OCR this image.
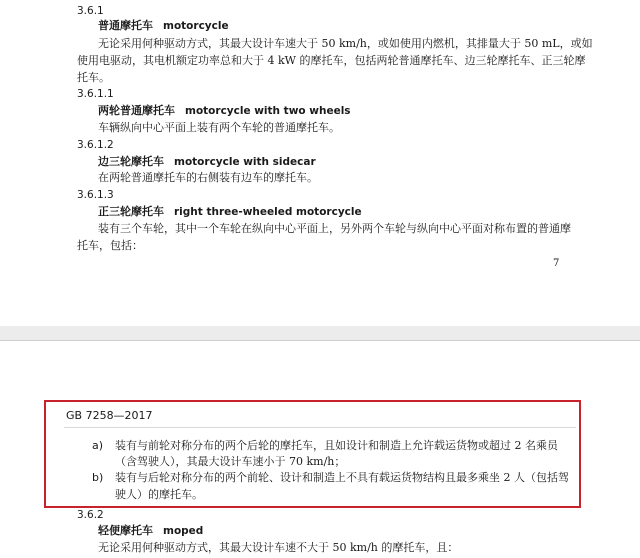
3.6.1
普通摩托车 motorcycle
无论采用何种驱动方式，其最大设计车速大于 50 km/h，或如使用内燃机，其排量大于 50 mL，或如
使用电驱动，其电机额定功率总和大于 4 kW 的摩托车，包括两轮普通摩托车、边三轮摩托车、正三轮摩
托车。
3.6.1.1
两轮普通摩托车 motorcycle with two wheels
车辆纵向中心平面上装有两个车轮的普通摩托车。
3.6.1.2
边三轮摩托车 motorcycle with sidecar
在两轮普通摩托车的右侧装有边车的摩托车。
3.6.1.3
正三轮摩托车 right three-wheeled motorcycle
装有三个车轮，其中一个车轮在纵向中心平面上，另外两个车轮与纵向中心平面对称布置的普通摩
托车，包括：
7
GB 7258—2017
a) 装有与前轮对称分布的两个后轮的摩托车，且如设计和制造上允许载运货物或超过 2 名乘员
（含驾驶人），其最大设计车速小于 70 km/h；
b) 装有与后轮对称分布的两个前轮、设计和制造上不具有载运货物结构且最多乘坐 2 人（包括驾
驶人）的摩托车。
3.6.2
轻便摩托车 moped
无论采用何种驱动方式，其最大设计车速不大于 50 km/h 的摩托车，且：
